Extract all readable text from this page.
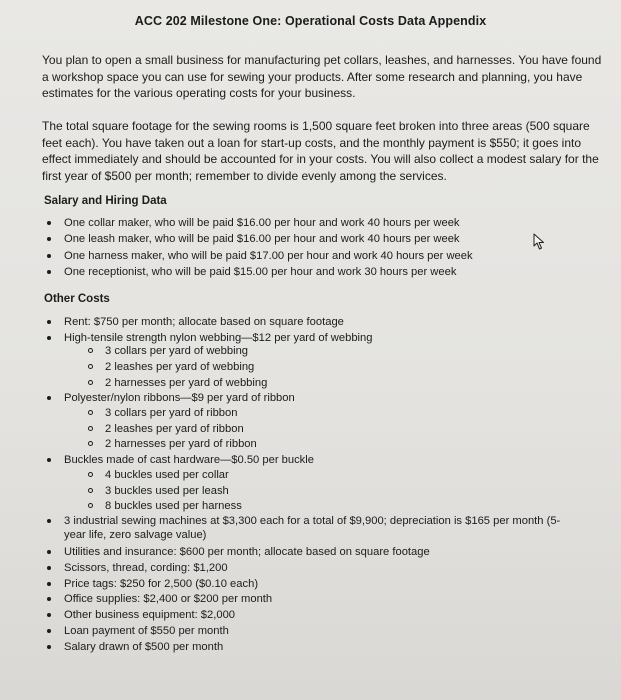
ACC 202 Milestone One: Operational Costs Data Appendix
You plan to open a small business for manufacturing pet collars, leashes, and harnesses. You have found a workshop space you can use for sewing your products. After some research and planning, you have estimates for the various operating costs for your business.
The total square footage for the sewing rooms is 1,500 square feet broken into three areas (500 square feet each). You have taken out a loan for start-up costs, and the monthly payment is $550; it goes into effect immediately and should be accounted for in your costs. You will also collect a modest salary for the first year of $500 per month; remember to divide evenly among the services.
Salary and Hiring Data
One collar maker, who will be paid $16.00 per hour and work 40 hours per week
One leash maker, who will be paid $16.00 per hour and work 40 hours per week
One harness maker, who will be paid $17.00 per hour and work 40 hours per week
One receptionist, who will be paid $15.00 per hour and work 30 hours per week
Other Costs
Rent: $750 per month; allocate based on square footage
High-tensile strength nylon webbing—$12 per yard of webbing
3 collars per yard of webbing
2 leashes per yard of webbing
2 harnesses per yard of webbing
Polyester/nylon ribbons—$9 per yard of ribbon
3 collars per yard of ribbon
2 leashes per yard of ribbon
2 harnesses per yard of ribbon
Buckles made of cast hardware—$0.50 per buckle
4 buckles used per collar
3 buckles used per leash
8 buckles used per harness
3 industrial sewing machines at $3,300 each for a total of $9,900; depreciation is $165 per month (5-
year life, zero salvage value)
Utilities and insurance: $600 per month; allocate based on square footage
Scissors, thread, cording: $1,200
Price tags: $250 for 2,500 ($0.10 each)
Office supplies: $2,400 or $200 per month
Other business equipment: $2,000
Loan payment of $550 per month
Salary drawn of $500 per month
